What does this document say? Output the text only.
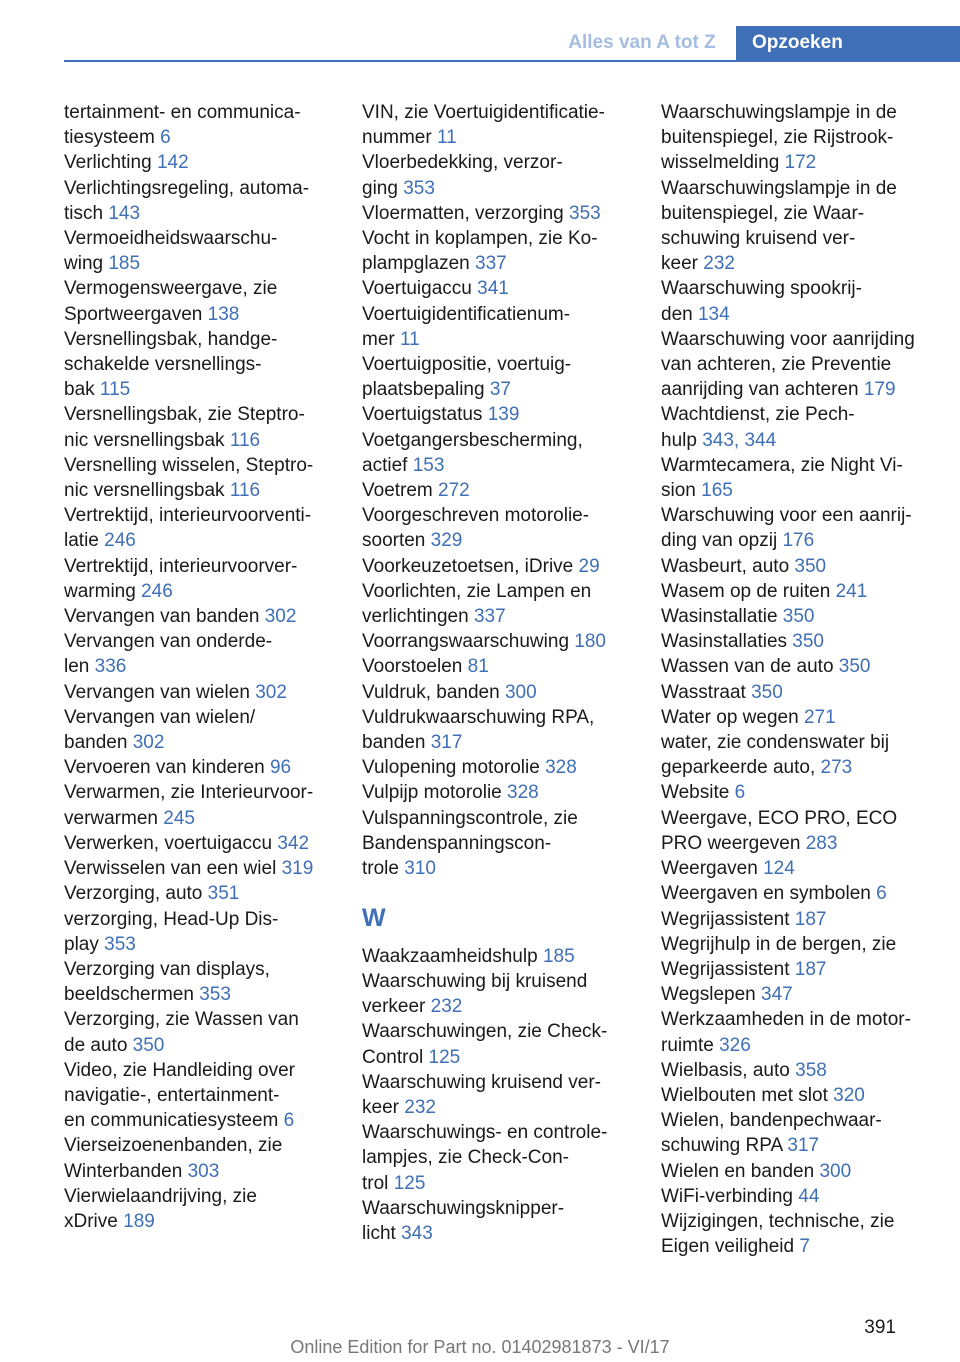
Alles van A tot Z	Opzoeken
tertainment- en communica-
tiesysteem 6
Verlichting 142
Verlichtingsregeling, automa-
tisch 143
Vermoeidheidswaarschu-
wing 185
Vermogensweergave, zie
Sportweergaven 138
Versnellingsbak, handge-
schakelde versnellings-
bak 115
Versnellingsbak, zie Steptro-
nic versnellingsbak 116
Versnelling wisselen, Steptro-
nic versnellingsbak 116
Vertrektijd, interieurvoorventi-
latie 246
Vertrektijd, interieurvoorver-
warming 246
Vervangen van banden 302
Vervangen van onderde-
len 336
Vervangen van wielen 302
Vervangen van wielen/
banden 302
Vervoeren van kinderen 96
Verwarmen, zie Interieurvoor-
verwarmen 245
Verwerken, voertuigaccu 342
Verwisselen van een wiel 319
Verzorging, auto 351
verzorging, Head-Up Dis-
play 353
Verzorging van displays,
beeldschermen 353
Verzorging, zie Wassen van
de auto 350
Video, zie Handleiding over
navigatie-, entertainment-
en communicatiesysteem 6
Vierseizoenenbanden, zie
Winterbanden 303
Vierwielaandrijving, zie
xDrive 189
VIN, zie Voertuigidentificatie-
nummer 11
Vloerbedekking, verzor-
ging 353
Vloermatten, verzorging 353
Vocht in koplampen, zie Ko-
plampglazen 337
Voertuigaccu 341
Voertuigidentificatienum-
mer 11
Voertuigpositie, voertuig-
plaatsbepaling 37
Voertuigstatus 139
Voetgangersbescherming,
actief 153
Voetrem 272
Voorgeschreven motorolie-
soorten 329
Voorkeuzetoetsen, iDrive 29
Voorlichten, zie Lampen en
verlichtingen 337
Voorrangswaarschuwing 180
Voorstoelen 81
Vuldruk, banden 300
Vuldrukwaarschuwing RPA,
banden 317
Vulopening motorolie 328
Vulpijp motorolie 328
Vulspanningscontrole, zie
Bandenspanningscon-
trole 310
W
Waakzaamheidshulp 185
Waarschuwing bij kruisend
verkeer 232
Waarschuwingen, zie Check-
Control 125
Waarschuwing kruisend ver-
keer 232
Waarschuwings- en controle-
lampjes, zie Check-Con-
trol 125
Waarschuwingsknipper-
licht 343
Waarschuwingslampje in de
buitenspiegel, zie Rijstrook-
wisselmelding 172
Waarschuwingslampje in de
buitenspiegel, zie Waar-
schuwing kruisend ver-
keer 232
Waarschuwing spookrij-
den 134
Waarschuwing voor aanrijding
van achteren, zie Preventie
aanrijding van achteren 179
Wachtdienst, zie Pech-
hulp 343, 344
Warmtecamera, zie Night Vi-
sion 165
Warschuwing voor een aanrij-
ding van opzij 176
Wasbeurt, auto 350
Wasem op de ruiten 241
Wasinstallatie 350
Wasinstallaties 350
Wassen van de auto 350
Wasstraat 350
Water op wegen 271
water, zie condenswater bij
geparkeerde auto, 273
Website 6
Weergave, ECO PRO, ECO
PRO weergeven 283
Weergaven 124
Weergaven en symbolen 6
Wegrijassistent 187
Wegrijhulp in de bergen, zie
Wegrijassistent 187
Wegslepen 347
Werkzaamheden in de motor-
ruimte 326
Wielbasis, auto 358
Wielbouten met slot 320
Wielen, bandenpechwaar-
schuwing RPA 317
Wielen en banden 300
WiFi-verbinding 44
Wijzigingen, technische, zie
Eigen veiligheid 7
391
Online Edition for Part no. 01402981873 - VI/17
